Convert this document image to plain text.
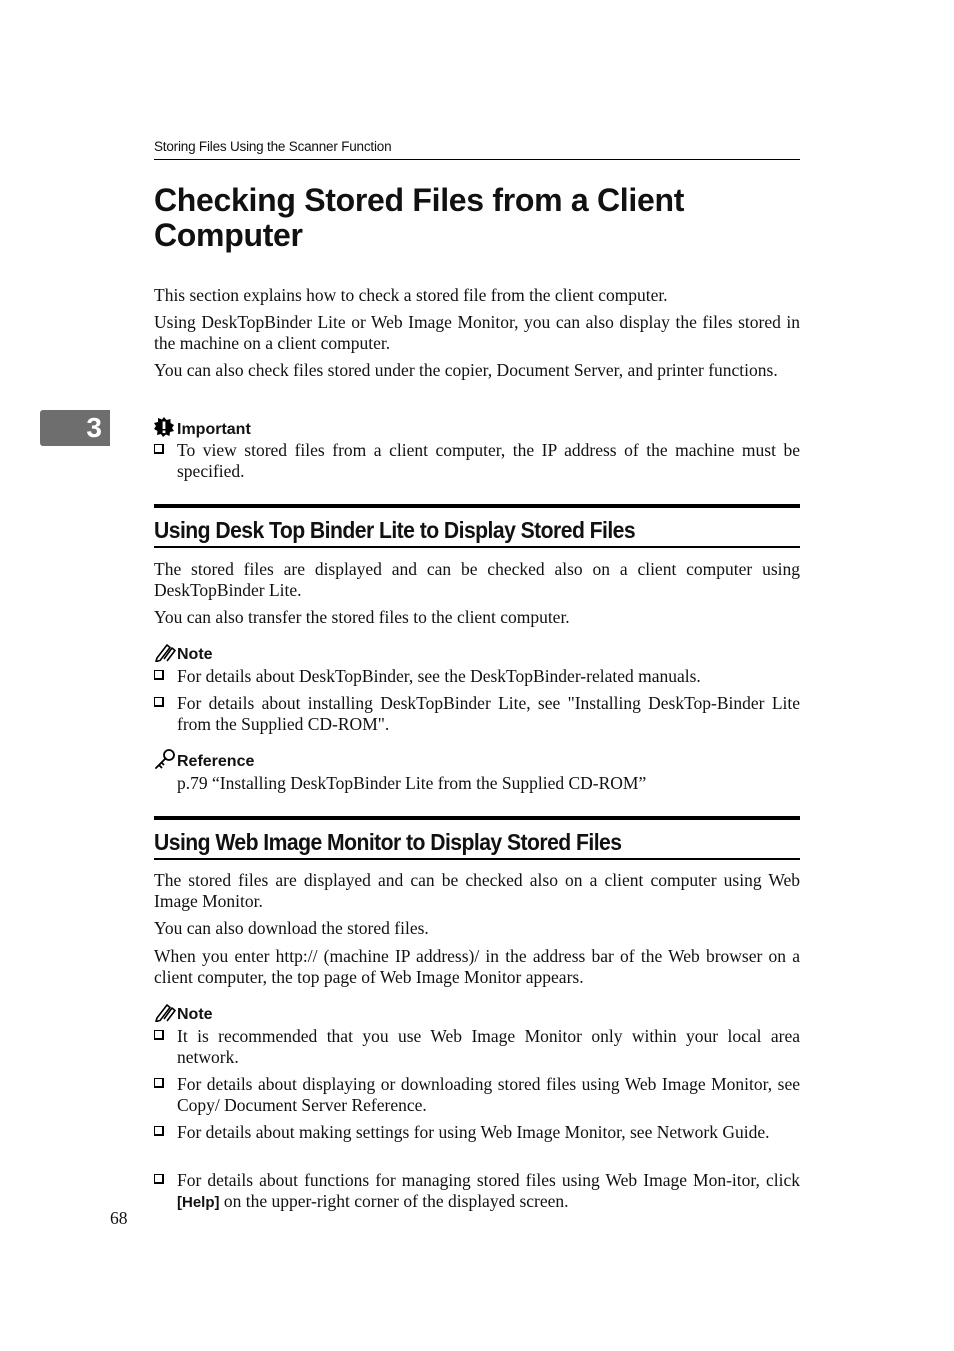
Storing Files Using the Scanner Function
3
Checking Stored Files from a Client
Computer
This section explains how to check a stored file from the client computer.
Using DeskTopBinder Lite or Web Image Monitor, you can also display the files stored in the machine on a client computer.
You can also check files stored under the copier, Document Server, and printer functions.
Important
To view stored files from a client computer, the IP address of the machine must be specified.
Using Desk Top Binder Lite to Display Stored Files
The stored files are displayed and can be checked also on a client computer using DeskTopBinder Lite.
You can also transfer the stored files to the client computer.
Note
For details about DeskTopBinder, see the DeskTopBinder-related manuals.
For details about installing DeskTopBinder Lite, see "Installing DeskTop-Binder Lite from the Supplied CD-ROM".
Reference
p.79 “Installing DeskTopBinder Lite from the Supplied CD-ROM”
Using Web Image Monitor to Display Stored Files
The stored files are displayed and can be checked also on a client computer using Web Image Monitor.
You can also download the stored files.
When you enter http:// (machine IP address)/ in the address bar of the Web browser on a client computer, the top page of Web Image Monitor appears.
Note
It is recommended that you use Web Image Monitor only within your local area network.
For details about displaying or downloading stored files using Web Image Monitor, see Copy/ Document Server Reference.
For details about making settings for using Web Image Monitor, see Network Guide.
For details about functions for managing stored files using Web Image Mon-itor, click [Help] on the upper-right corner of the displayed screen.
68
